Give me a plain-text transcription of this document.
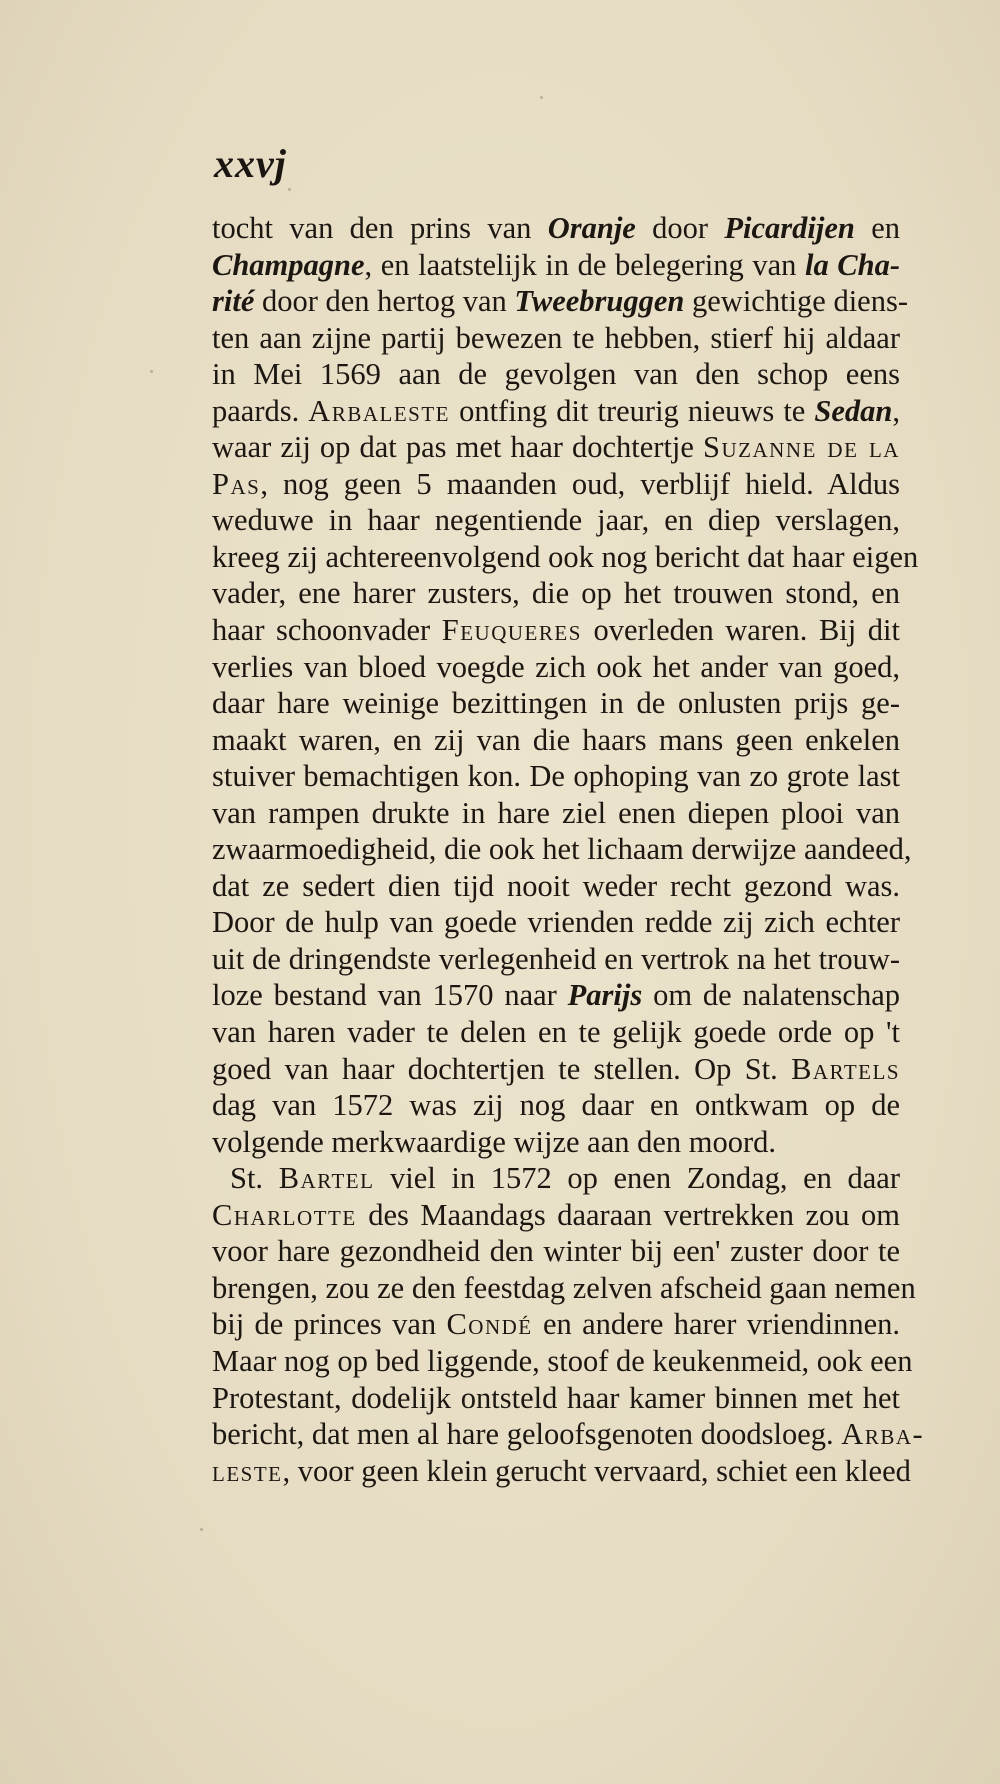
xxvj
tocht van den prins van Oranje door Picardijen en
Champagne, en laatstelijk in de belegering van la Cha-
rité door den hertog van Tweebruggen gewichtige diens-
ten aan zijne partij bewezen te hebben, stierf hij aldaar
in Mei 1569 aan de gevolgen van den schop eens
paards. Arbaleste ontfing dit treurig nieuws te Sedan,
waar zij op dat pas met haar dochtertje Suzanne de la
Pas, nog geen 5 maanden oud, verblijf hield. Aldus
weduwe in haar negentiende jaar, en diep verslagen,
kreeg zij achtereenvolgend ook nog bericht dat haar eigen
vader, ene harer zusters, die op het trouwen stond, en
haar schoonvader Feuqueres overleden waren. Bij dit
verlies van bloed voegde zich ook het ander van goed,
daar hare weinige bezittingen in de onlusten prijs ge-
maakt waren, en zij van die haars mans geen enkelen
stuiver bemachtigen kon. De ophoping van zo grote last
van rampen drukte in hare ziel enen diepen plooi van
zwaarmoedigheid, die ook het lichaam derwijze aandeed,
dat ze sedert dien tijd nooit weder recht gezond was.
Door de hulp van goede vrienden redde zij zich echter
uit de dringendste verlegenheid en vertrok na het trouw-
loze bestand van 1570 naar Parijs om de nalatenschap
van haren vader te delen en te gelijk goede orde op 't
goed van haar dochtertjen te stellen. Op St. Bartels
dag van 1572 was zij nog daar en ontkwam op de
volgende merkwaardige wijze aan den moord.
St. Bartel viel in 1572 op enen Zondag, en daar
Charlotte des Maandags daaraan vertrekken zou om
voor hare gezondheid den winter bij een' zuster door te
brengen, zou ze den feestdag zelven afscheid gaan nemen
bij de princes van Condé en andere harer vriendinnen.
Maar nog op bed liggende, stoof de keukenmeid, ook een
Protestant, dodelijk ontsteld haar kamer binnen met het
bericht, dat men al hare geloofsgenoten doodsloeg. Arba-
leste, voor geen klein gerucht vervaard, schiet een kleed
